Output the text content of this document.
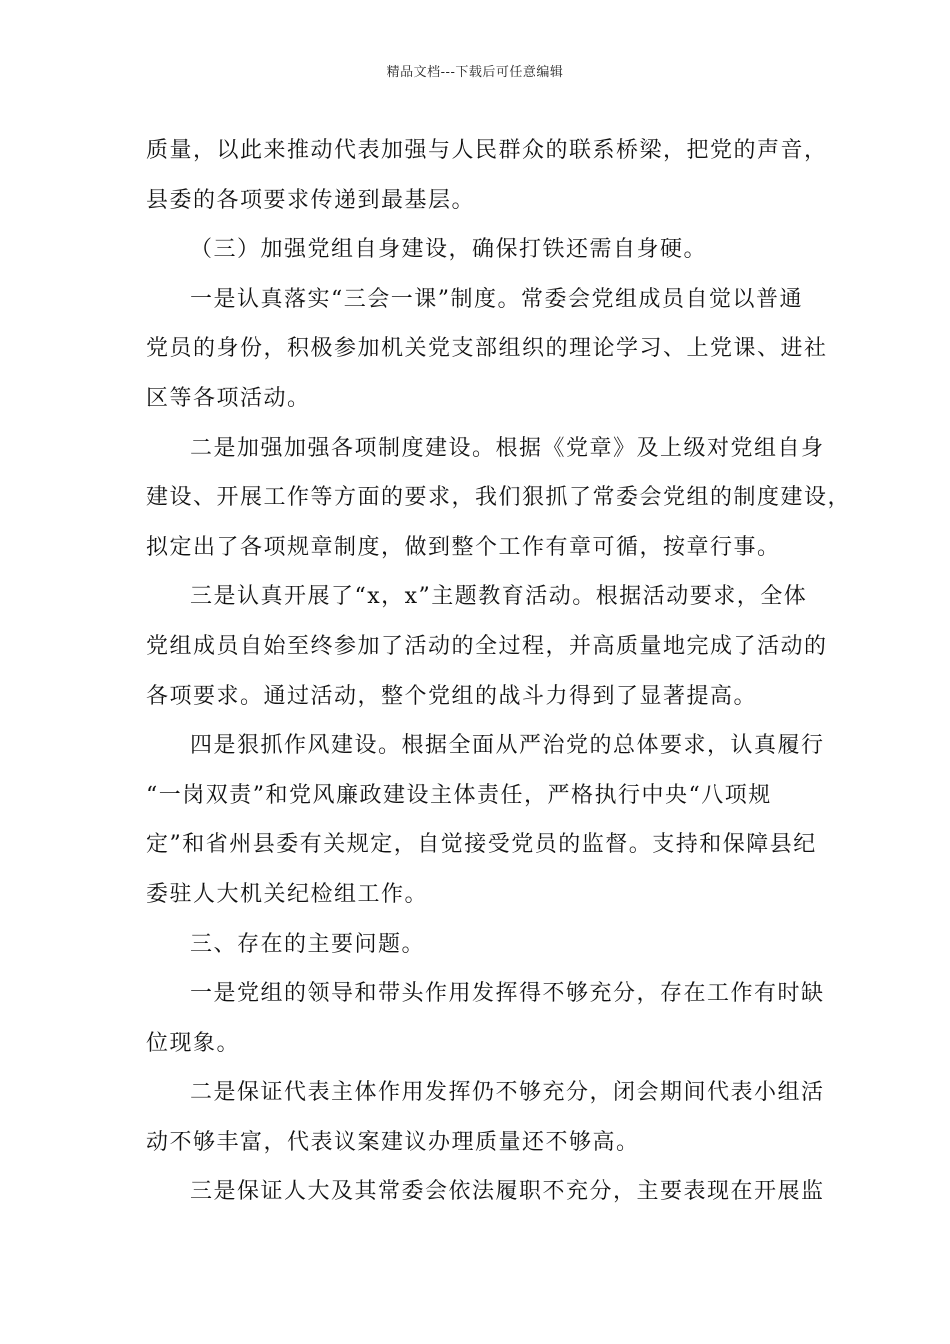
精品文档---下载后可任意编辑
质量，以此来推动代表加强与人民群众的联系桥梁，把党的声音，
县委的各项要求传递到最基层。
（三）加强党组自身建设，确保打铁还需自身硬。
一是认真落实“三会一课”制度。常委会党组成员自觉以普通
党员的身份，积极参加机关党支部组织的理论学习、上党课、进社
区等各项活动。
二是加强加强各项制度建设。根据《党章》及上级对党组自身
建设、开展工作等方面的要求，我们狠抓了常委会党组的制度建设，
拟定出了各项规章制度，做到整个工作有章可循，按章行事。
三是认真开展了“x，x”主题教育活动。根据活动要求，全体
党组成员自始至终参加了活动的全过程，并高质量地完成了活动的
各项要求。通过活动，整个党组的战斗力得到了显著提高。
四是狠抓作风建设。根据全面从严治党的总体要求，认真履行
“一岗双责”和党风廉政建设主体责任，严格执行中央“八项规
定”和省州县委有关规定，自觉接受党员的监督。支持和保障县纪
委驻人大机关纪检组工作。
三、存在的主要问题。
一是党组的领导和带头作用发挥得不够充分，存在工作有时缺
位现象。
二是保证代表主体作用发挥仍不够充分，闭会期间代表小组活
动不够丰富，代表议案建议办理质量还不够高。
三是保证人大及其常委会依法履职不充分，主要表现在开展监
